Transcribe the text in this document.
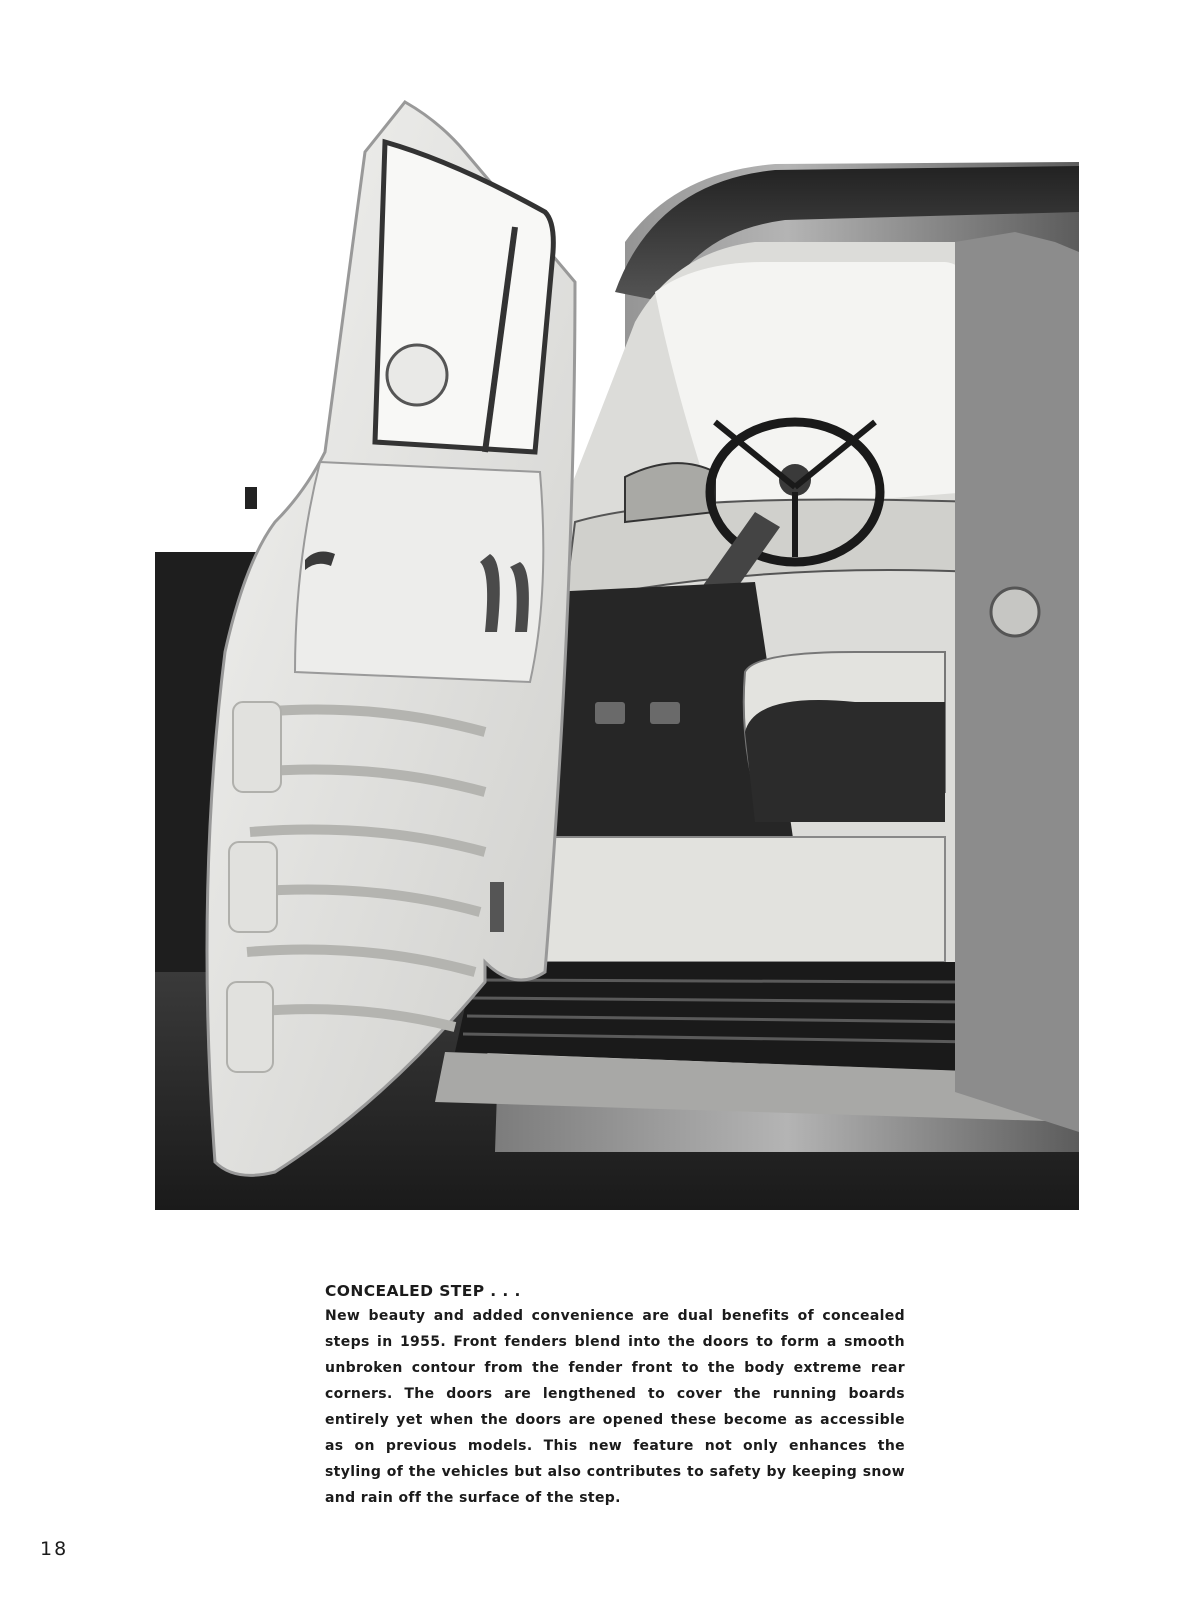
CONCEALED STEP . . .

New beauty and added convenience are dual benefits of concealed steps in 1955. Front fenders blend into the doors to form a smooth unbroken contour from the fender front to the body extreme rear corners. The doors are lengthened to cover the running boards entirely yet when the doors are opened these become as accessible as on previous models. This new feature not only enhances the styling of the vehicles but also contributes to safety by keeping snow and rain off the surface of the step.

18
